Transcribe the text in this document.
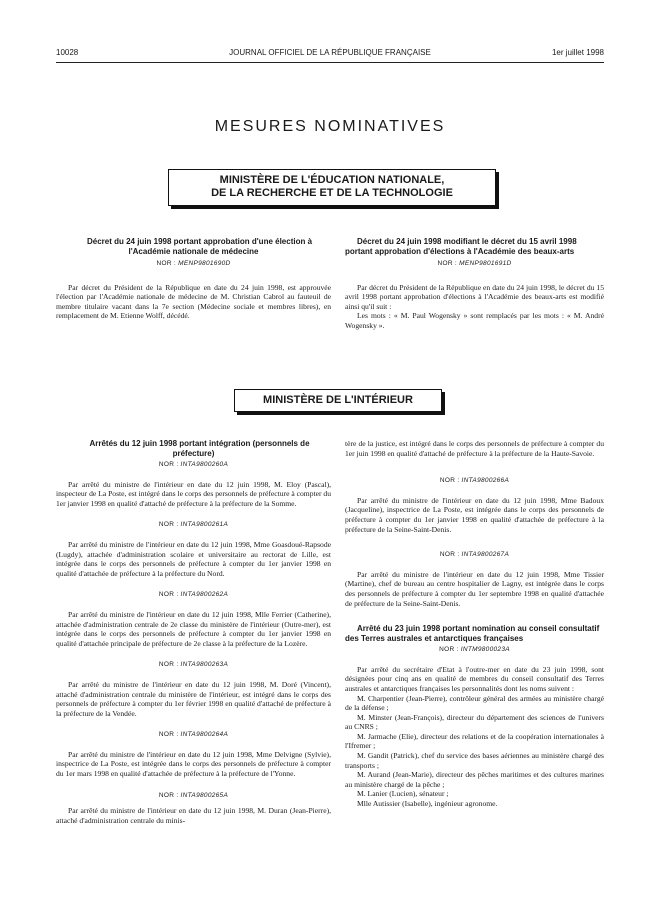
10028	JOURNAL OFFICIEL DE LA RÉPUBLIQUE FRANÇAISE	1er juillet 1998
MESURES NOMINATIVES
MINISTÈRE DE L'ÉDUCATION NATIONALE,
DE LA RECHERCHE ET DE LA TECHNOLOGIE

Décret du 24 juin 1998 portant approbation d'une élection à l'Académie nationale de médecine

NOR : MENP9801690D

Par décret du Président de la République en date du 24 juin 1998, est approuvée l'élection par l'Académie nationale de médecine de M. Christian Cabrol au fauteuil de membre titulaire vacant dans la 7e section (Médecine sociale et membres libres), en remplacement de M. Etienne Wolff, décédé.

Décret du 24 juin 1998 modifiant le décret du 15 avril 1998 portant approbation d'élections à l'Académie des beaux-arts

NOR : MENP9801691D

Par décret du Président de la République en date du 24 juin 1998, le décret du 15 avril 1998 portant approbation d'élections à l'Académie des beaux-arts est modifié ainsi qu'il suit :

Les mots : « M. Paul Wogensky » sont remplacés par les mots : « M. André Wogensky ».

MINISTÈRE DE L'INTÉRIEUR

Arrêtés du 12 juin 1998 portant intégration (personnels de préfecture)

NOR : INTA9800260A

Par arrêté du ministre de l'intérieur en date du 12 juin 1998, M. Eloy (Pascal), inspecteur de La Poste, est intégré dans le corps des personnels de préfecture à compter du 1er janvier 1998 en qualité d'attaché de préfecture à la préfecture de la Somme.

NOR : INTA9800261A

Par arrêté du ministre de l'intérieur en date du 12 juin 1998, Mme Goasdoué-Rapsode (Lugdy), attachée d'administration scolaire et universitaire au rectorat de Lille, est intégrée dans le corps des personnels de préfecture à compter du 1er janvier 1998 en qualité d'attachée de préfecture à la préfecture du Nord.

NOR : INTA9800262A

Par arrêté du ministre de l'intérieur en date du 12 juin 1998, Mlle Ferrier (Catherine), attachée d'administration centrale de 2e classe du ministère de l'intérieur (Outre-mer), est intégrée dans le corps des personnels de préfecture à compter du 1er janvier 1998 en qualité d'attachée principale de préfecture de 2e classe à la préfecture de la Lozère.

NOR : INTA9800263A

Par arrêté du ministre de l'intérieur en date du 12 juin 1998, M. Doré (Vincent), attaché d'administration centrale du ministère de l'intérieur, est intégré dans le corps des personnels de préfecture à compter du 1er février 1998 en qualité d'attaché de préfecture à la préfecture de la Vendée.

NOR : INTA9800264A

Par arrêté du ministre de l'intérieur en date du 12 juin 1998, Mme Delvigne (Sylvie), inspectrice de La Poste, est intégrée dans le corps des personnels de préfecture à compter du 1er mars 1998 en qualité d'attachée de préfecture à la préfecture de l'Yonne.

NOR : INTA9800265A

Par arrêté du ministre de l'intérieur en date du 12 juin 1998, M. Duran (Jean-Pierre), attaché d'administration centrale du minis-

tère de la justice, est intégré dans le corps des personnels de préfecture à compter du 1er juin 1998 en qualité d'attaché de préfecture à la préfecture de la Haute-Savoie.

NOR : INTA9800266A

Par arrêté du ministre de l'intérieur en date du 12 juin 1998, Mme Badoux (Jacqueline), inspectrice de La Poste, est intégrée dans le corps des personnels de préfecture à compter du 1er janvier 1998 en qualité d'attachée de préfecture à la préfecture de la Seine-Saint-Denis.

NOR : INTA9800267A

Par arrêté du ministre de l'intérieur en date du 12 juin 1998, Mme Tissier (Martine), chef de bureau au centre hospitalier de Lagny, est intégrée dans le corps des personnels de préfecture à compter du 1er septembre 1998 en qualité d'attachée de préfecture de la Seine-Saint-Denis.

Arrêté du 23 juin 1998 portant nomination au conseil consultatif des Terres australes et antarctiques françaises

NOR : INTM9800023A

Par arrêté du secrétaire d'Etat à l'outre-mer en date du 23 juin 1998, sont désignées pour cinq ans en qualité de membres du conseil consultatif des Terres australes et antarctiques françaises les personnalités dont les noms suivent :

M. Charpentier (Jean-Pierre), contrôleur général des armées au ministère chargé de la défense ;

M. Minster (Jean-François), directeur du département des sciences de l'univers au CNRS ;

M. Jarmache (Elie), directeur des relations et de la coopération internationales à l'Ifremer ;

M. Gandit (Patrick), chef du service des bases aériennes au ministère chargé des transports ;

M. Aurand (Jean-Marie), directeur des pêches maritimes et des cultures marines au ministère chargé de la pêche ;

M. Lanier (Lucien), sénateur ;

Mlle Autissier (Isabelle), ingénieur agronome.
